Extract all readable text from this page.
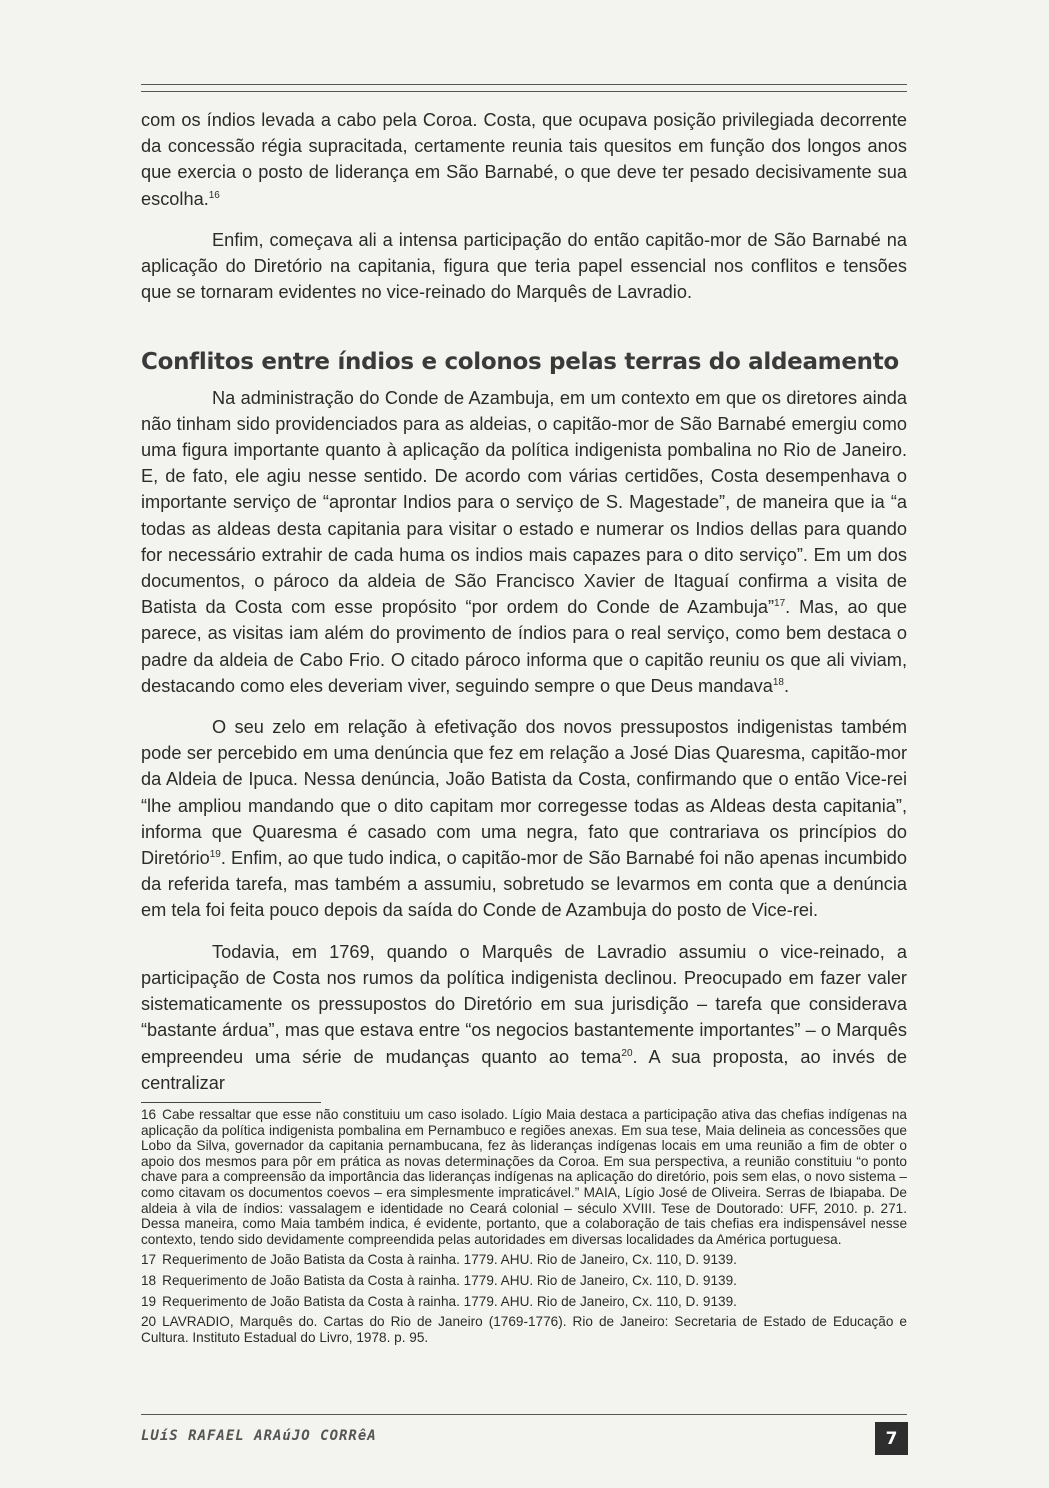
com os índios levada a cabo pela Coroa. Costa, que ocupava posição privilegiada decorrente da concessão régia supracitada, certamente reunia tais quesitos em função dos longos anos que exercia o posto de liderança em São Barnabé, o que deve ter pesado decisivamente sua escolha.$^{16}$

Enfim, começava ali a intensa participação do então capitão-mor de São Barnabé na aplicação do Diretório na capitania, figura que teria papel essencial nos conflitos e tensões que se tornaram evidentes no vice-reinado do Marquês de Lavradio.

Conflitos entre índios e colonos pelas terras do aldeamento

Na administração do Conde de Azambuja, em um contexto em que os diretores ainda não tinham sido providenciados para as aldeias, o capitão-mor de São Barnabé emergiu como uma figura importante quanto à aplicação da política indigenista pombalina no Rio de Janeiro. E, de fato, ele agiu nesse sentido. De acordo com várias certidões, Costa desempenhava o importante serviço de “aprontar Indios para o serviço de S. Magestade”, de maneira que ia “a todas as aldeas desta capitania para visitar o estado e numerar os Indios dellas para quando for necessário extrahir de cada huma os indios mais capazes para o dito serviço”. Em um dos documentos, o pároco da aldeia de São Francisco Xavier de Itaguaí confirma a visita de Batista da Costa com esse propósito “por ordem do Conde de Azambuja”$^{17}$. Mas, ao que parece, as visitas iam além do provimento de índios para o real serviço, como bem destaca o padre da aldeia de Cabo Frio. O citado pároco informa que o capitão reuniu os que ali viviam, destacando como eles deveriam viver, seguindo sempre o que Deus mandava$^{18}$.

O seu zelo em relação à efetivação dos novos pressupostos indigenistas também pode ser percebido em uma denúncia que fez em relação a José Dias Quaresma, capitão-mor da Aldeia de Ipuca. Nessa denúncia, João Batista da Costa, confirmando que o então Vice-rei “lhe ampliou mandando que o dito capitam mor corregesse todas as Aldeas desta capitania”, informa que Quaresma é casado com uma negra, fato que contrariava os princípios do Diretório$^{19}$. Enfim, ao que tudo indica, o capitão-mor de São Barnabé foi não apenas incumbido da referida tarefa, mas também a assumiu, sobretudo se levarmos em conta que a denúncia em tela foi feita pouco depois da saída do Conde de Azambuja do posto de Vice-rei.

Todavia, em 1769, quando o Marquês de Lavradio assumiu o vice-reinado, a participação de Costa nos rumos da política indigenista declinou. Preocupado em fazer valer sistematicamente os pressupostos do Diretório em sua jurisdição – tarefa que considerava “bastante árdua”, mas que estava entre “os negocios bastantemente importantes” – o Marquês empreendeu uma série de mudanças quanto ao tema$^{20}$. A sua proposta, ao invés de centralizar

16 Cabe ressaltar que esse não constituiu um caso isolado. Lígio Maia destaca a participação ativa das chefias indígenas na aplicação da política indigenista pombalina em Pernambuco e regiões anexas. Em sua tese, Maia delineia as concessões que Lobo da Silva, governador da capitania pernambucana, fez às lideranças indígenas locais em uma reunião a fim de obter o apoio dos mesmos para pôr em prática as novas determinações da Coroa. Em sua perspectiva, a reunião constituiu “o ponto chave para a compreensão da importância das lideranças indígenas na aplicação do diretório, pois sem elas, o novo sistema – como citavam os documentos coevos – era simplesmente impraticável.” MAIA, Lígio José de Oliveira. Serras de Ibiapaba. De aldeia à vila de índios: vassalagem e identidade no Ceará colonial – século XVIII. Tese de Doutorado: UFF, 2010. p. 271. Dessa maneira, como Maia também indica, é evidente, portanto, que a colaboração de tais chefias era indispensável nesse contexto, tendo sido devidamente compreendida pelas autoridades em diversas localidades da América portuguesa.
17 Requerimento de João Batista da Costa à rainha. 1779. AHU. Rio de Janeiro, Cx. 110, D. 9139.
18 Requerimento de João Batista da Costa à rainha. 1779. AHU. Rio de Janeiro, Cx. 110, D. 9139.
19 Requerimento de João Batista da Costa à rainha. 1779. AHU. Rio de Janeiro, Cx. 110, D. 9139.
20 LAVRADIO, Marquês do. Cartas do Rio de Janeiro (1769-1776). Rio de Janeiro: Secretaria de Estado de Educação e Cultura. Instituto Estadual do Livro, 1978. p. 95.
LUíS RAFAEL ARAúJO CORRêA	7
